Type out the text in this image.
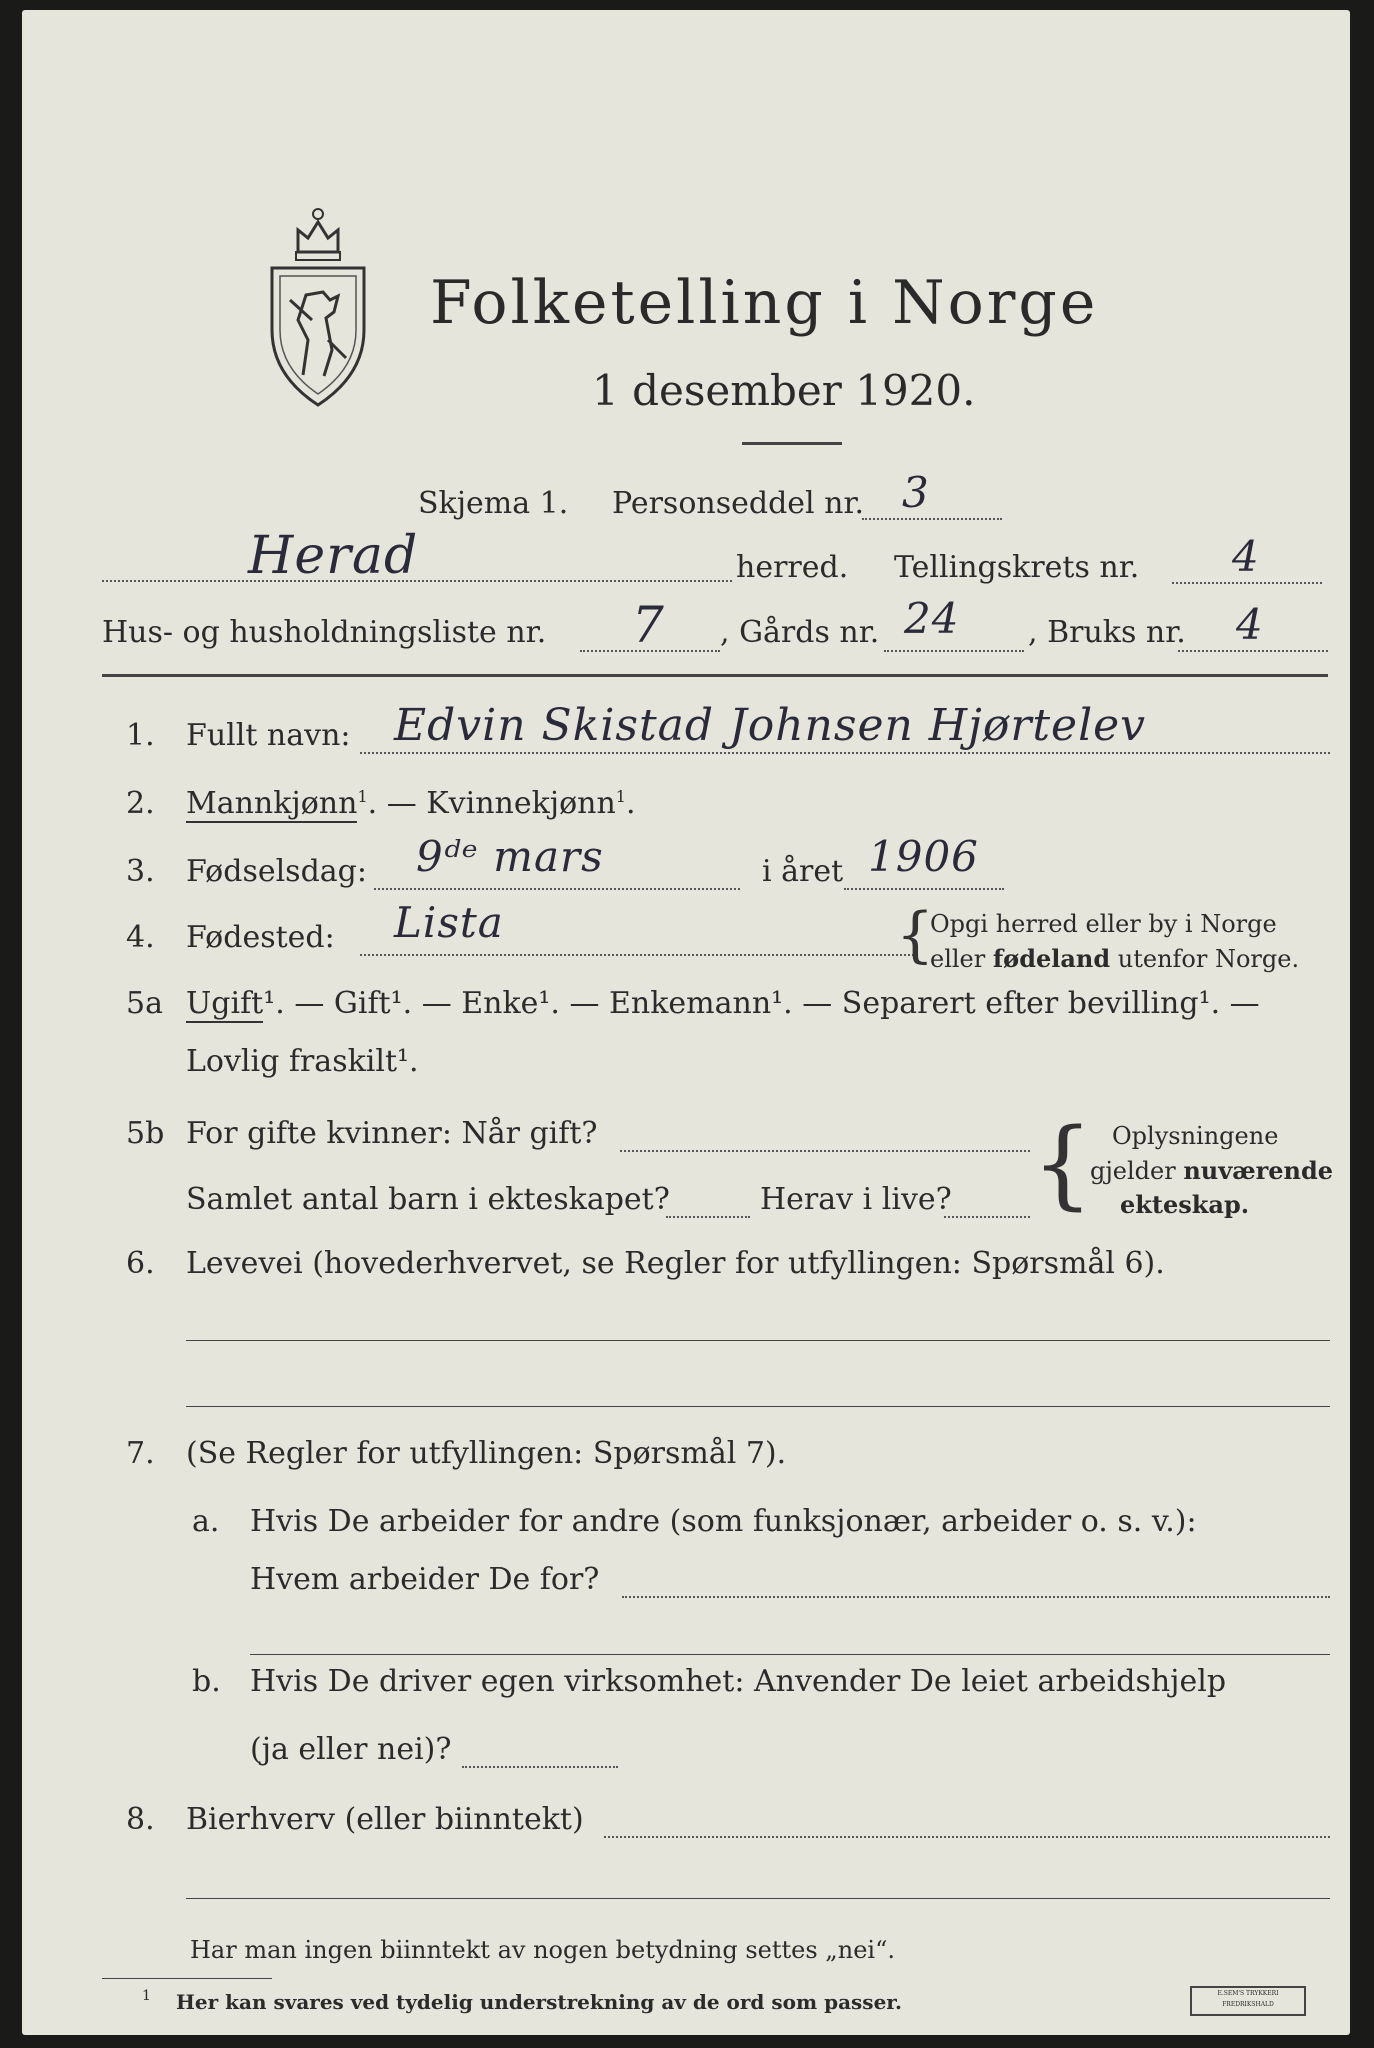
Folketelling i Norge
1 desember 1920.
Skjema 1. Personseddel nr. 3
Herad	herred. Tellingskrets nr. 4
Hus- og husholdningsliste nr. 7 , Gårds nr. 24 , Bruks nr. 4
1. Fullt navn: Edvin Skistad Johnsen Hjørtelev
2. Mannkjønn$^1$. — Kvinnekjønn$^1$.
3. Fødselsdag: 9ᵈᵉ mars	i året 1906
4. Fødested: Lista	{
Opgi herred eller by i Norge
eller fødeland utenfor Norge.
5a Ugift¹. — Gift¹. — Enke¹. — Enkemann¹. — Separert efter bevilling¹. —
Lovlig fraskilt¹.
5b For gifte kvinner: Når gift?
Samlet antal barn i ekteskapet?	Herav i live? { Oplysningene
gjelder nuværende
ekteskap.
6. Levevei (hovederhvervet, se Regler for utfyllingen: Spørsmål 6).
7. (Se Regler for utfyllingen: Spørsmål 7).
a. Hvis De arbeider for andre (som funksjonær, arbeider o. s. v.):
Hvem arbeider De for?
b. Hvis De driver egen virksomhet: Anvender De leiet arbeidshjelp
(ja eller nei)?
8. Bierhverv (eller biinntekt)
Har man ingen biinntekt av nogen betydning settes „nei“.
1 Her kan svares ved tydelig understrekning av de ord som passer.	E.SEM'S TRYKKERI FREDRIKSHALD
